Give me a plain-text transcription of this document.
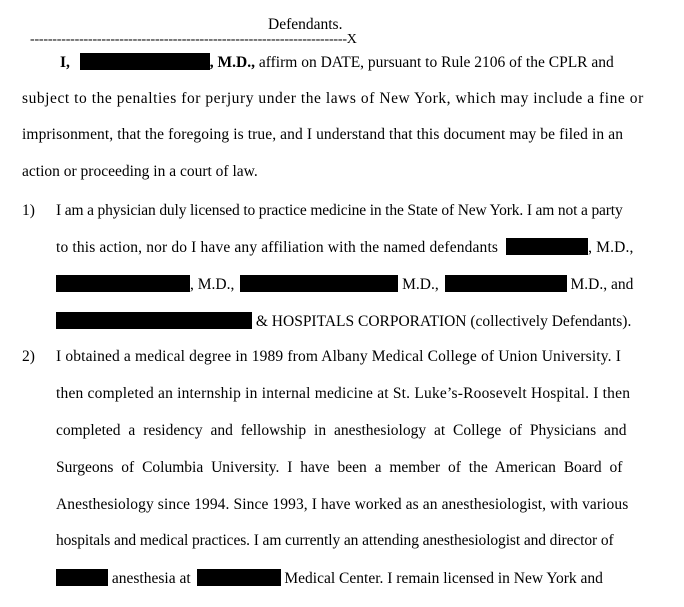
Defendants.
-----------------------------------------------------------------------X
I,	, M.D., affirm on DATE, pursuant to Rule 2106 of the CPLR and
subject to the penalties for perjury under the laws of New York, which may include a fine or
imprisonment, that the foregoing is true, and I understand that this document may be filed in an
action or proceeding in a court of law.
1) I am a physician duly licensed to practice medicine in the State of New York. I am not a party
to this action, nor do I have any affiliation with the named defendants	, M.D.,
, M.D.,	M.D.,	M.D., and
& HOSPITALS CORPORATION (collectively Defendants).
2) I obtained a medical degree in 1989 from Albany Medical College of Union University. I
then completed an internship in internal medicine at St. Luke’s-Roosevelt Hospital. I then
completed a residency and fellowship in anesthesiology at College of Physicians and
Surgeons of Columbia University. I have been a member of the American Board of
Anesthesiology since 1994. Since 1993, I have worked as an anesthesiologist, with various
hospitals and medical practices. I am currently an attending anesthesiologist and director of
anesthesia at	Medical Center. I remain licensed in New York and
